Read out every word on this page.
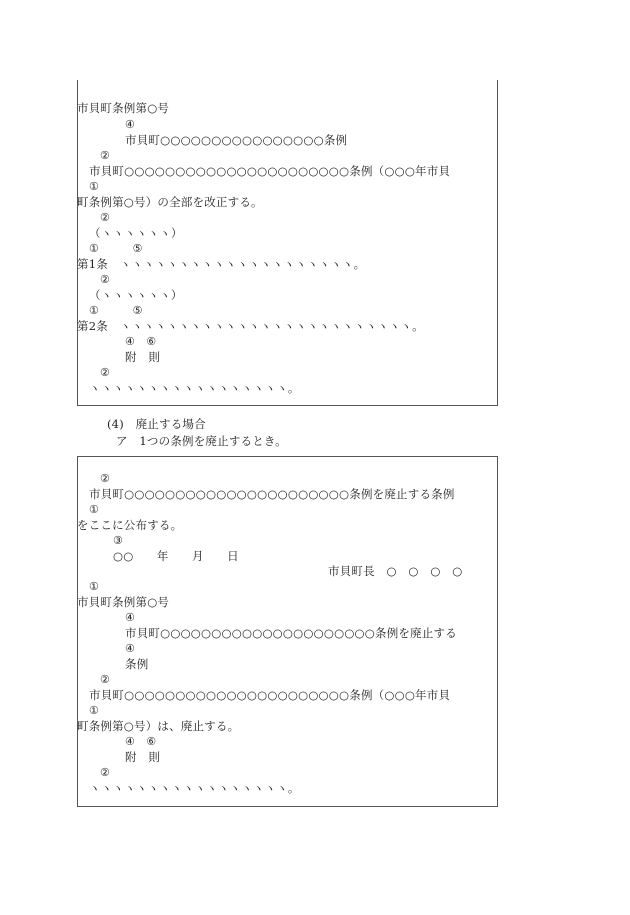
市貝町条例第○号
④
市貝町○○○○○○○○○○○○○○○○条例
②
市貝町○○○○○○○○○○○○○○○○○○○○○○条例（○○○年市貝
①
町条例第○号）の全部を改正する。
②
（ヽヽヽヽヽヽ）
①　　　⑤
第1条　ヽヽヽヽヽヽヽヽヽヽヽヽヽヽヽヽヽヽヽヽ。
②
（ヽヽヽヽヽヽ）
①　　　⑤
第2条　ヽヽヽヽヽヽヽヽヽヽヽヽヽヽヽヽヽヽヽヽヽヽヽヽヽ。
④　⑥
附　則
②
ヽヽヽヽヽヽヽヽヽヽヽヽヽヽヽヽヽ。
(4)　廃止する場合
ア　1つの条例を廃止するとき。
②
市貝町○○○○○○○○○○○○○○○○○○○○○○条例を廃止する条例
①
をここに公布する。
③
○○　　年　　月　　日
市貝町長　○　○　○　○
①
市貝町条例第○号
④
市貝町○○○○○○○○○○○○○○○○○○○○○条例を廃止する
④
条例
②
市貝町○○○○○○○○○○○○○○○○○○○○○○条例（○○○年市貝
①
町条例第○号）は、廃止する。
④　⑥
附　則
②
ヽヽヽヽヽヽヽヽヽヽヽヽヽヽヽヽヽ。
